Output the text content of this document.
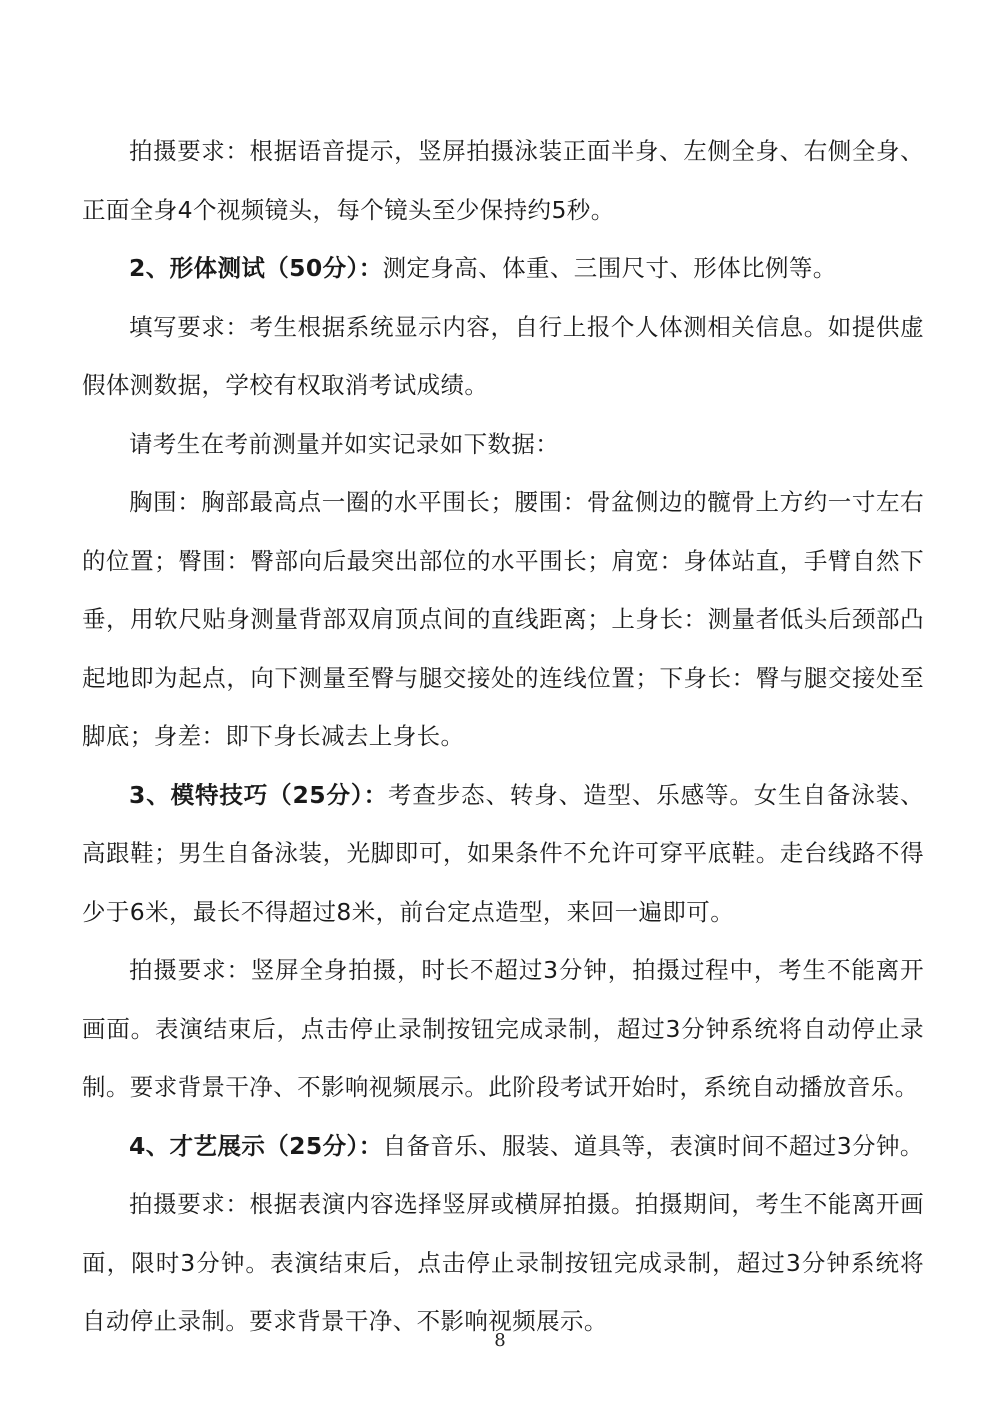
拍摄要求：根据语音提示，竖屏拍摄泳装正面半身、左侧全身、右侧全身、正面全身4个视频镜头，每个镜头至少保持约5秒。

2、形体测试（50分）：测定身高、体重、三围尺寸、形体比例等。

填写要求：考生根据系统显示内容，自行上报个人体测相关信息。如提供虚假体测数据，学校有权取消考试成绩。

请考生在考前测量并如实记录如下数据：

胸围：胸部最高点一圈的水平围长；腰围：骨盆侧边的髋骨上方约一寸左右的位置；臀围：臀部向后最突出部位的水平围长；肩宽：身体站直，手臂自然下垂，用软尺贴身测量背部双肩顶点间的直线距离；上身长：测量者低头后颈部凸起地即为起点，向下测量至臀与腿交接处的连线位置；下身长：臀与腿交接处至脚底；身差：即下身长减去上身长。

3、模特技巧（25分）：考查步态、转身、造型、乐感等。女生自备泳装、高跟鞋；男生自备泳装，光脚即可，如果条件不允许可穿平底鞋。走台线路不得少于6米，最长不得超过8米，前台定点造型，来回一遍即可。

拍摄要求：竖屏全身拍摄，时长不超过3分钟，拍摄过程中，考生不能离开画面。表演结束后，点击停止录制按钮完成录制，超过3分钟系统将自动停止录制。要求背景干净、不影响视频展示。此阶段考试开始时，系统自动播放音乐。

4、才艺展示（25分）：自备音乐、服装、道具等，表演时间不超过3分钟。

拍摄要求：根据表演内容选择竖屏或横屏拍摄。拍摄期间，考生不能离开画面，限时3分钟。表演结束后，点击停止录制按钮完成录制，超过3分钟系统将自动停止录制。要求背景干净、不影响视频展示。

8
